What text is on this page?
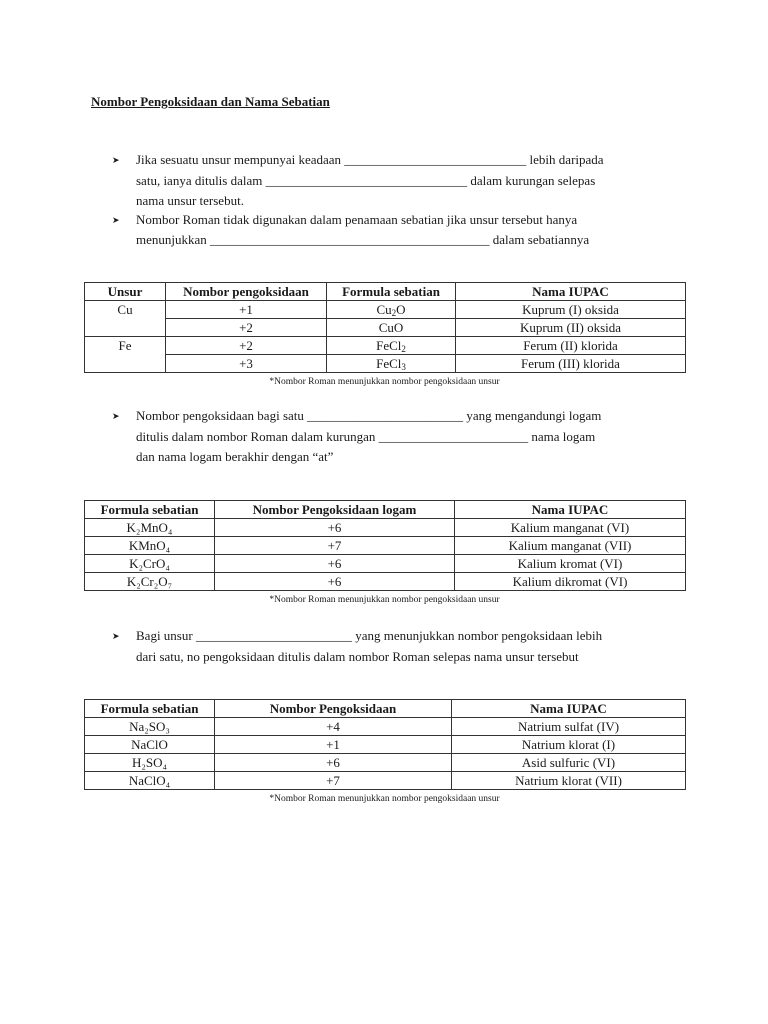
Nombor Pengoksidaan dan Nama Sebatian
➤ Jika sesuatu unsur mempunyai keadaan ____________________________ lebih daripada
satu, ianya ditulis dalam _______________________________ dalam kurungan selepas
nama unsur tersebut.
➤ Nombor Roman tidak digunakan dalam penamaan sebatian jika unsur tersebut hanya
menunjukkan ___________________________________________ dalam sebatiannya
Unsur	Nombor pengoksidaan	Formula sebatian	Nama IUPAC
Cu	+1	$Cu_2O$	Kuprum (I) oksida
	+2	CuO	Kuprum (II) oksida
Fe	+2	FeCl$_2$	Ferum (II) klorida
	+3	FeCl$_3$	Ferum (III) klorida
*Nombor Roman menunjukkan nombor pengoksidaan unsur
➤ Nombor pengoksidaan bagi satu ________________________ yang mengandungi logam
ditulis dalam nombor Roman dalam kurungan _______________________ nama logam
dan nama logam berakhir dengan “at”
Formula sebatian	Nombor Pengoksidaan logam	Nama IUPAC
K₂MnO₄	+6	Kalium manganat (VI)
KMnO₄	+7	Kalium manganat (VII)
K₂CrO₄	+6	Kalium kromat (VI)
K₂Cr₂O₇	+6	Kalium dikromat (VI)
*Nombor Roman menunjukkan nombor pengoksidaan unsur
➤ Bagi unsur ________________________ yang menunjukkan nombor pengoksidaan lebih
dari satu, no pengoksidaan ditulis dalam nombor Roman selepas nama unsur tersebut
Formula sebatian	Nombor Pengoksidaan	Nama IUPAC
Na₂SO₃	+4	Natrium sulfat (IV)
NaClO	+1	Natrium klorat (I)
H₂SO₄	+6	Asid sulfuric (VI)
NaClO₄	+7	Natrium klorat (VII)
*Nombor Roman menunjukkan nombor pengoksidaan unsur
